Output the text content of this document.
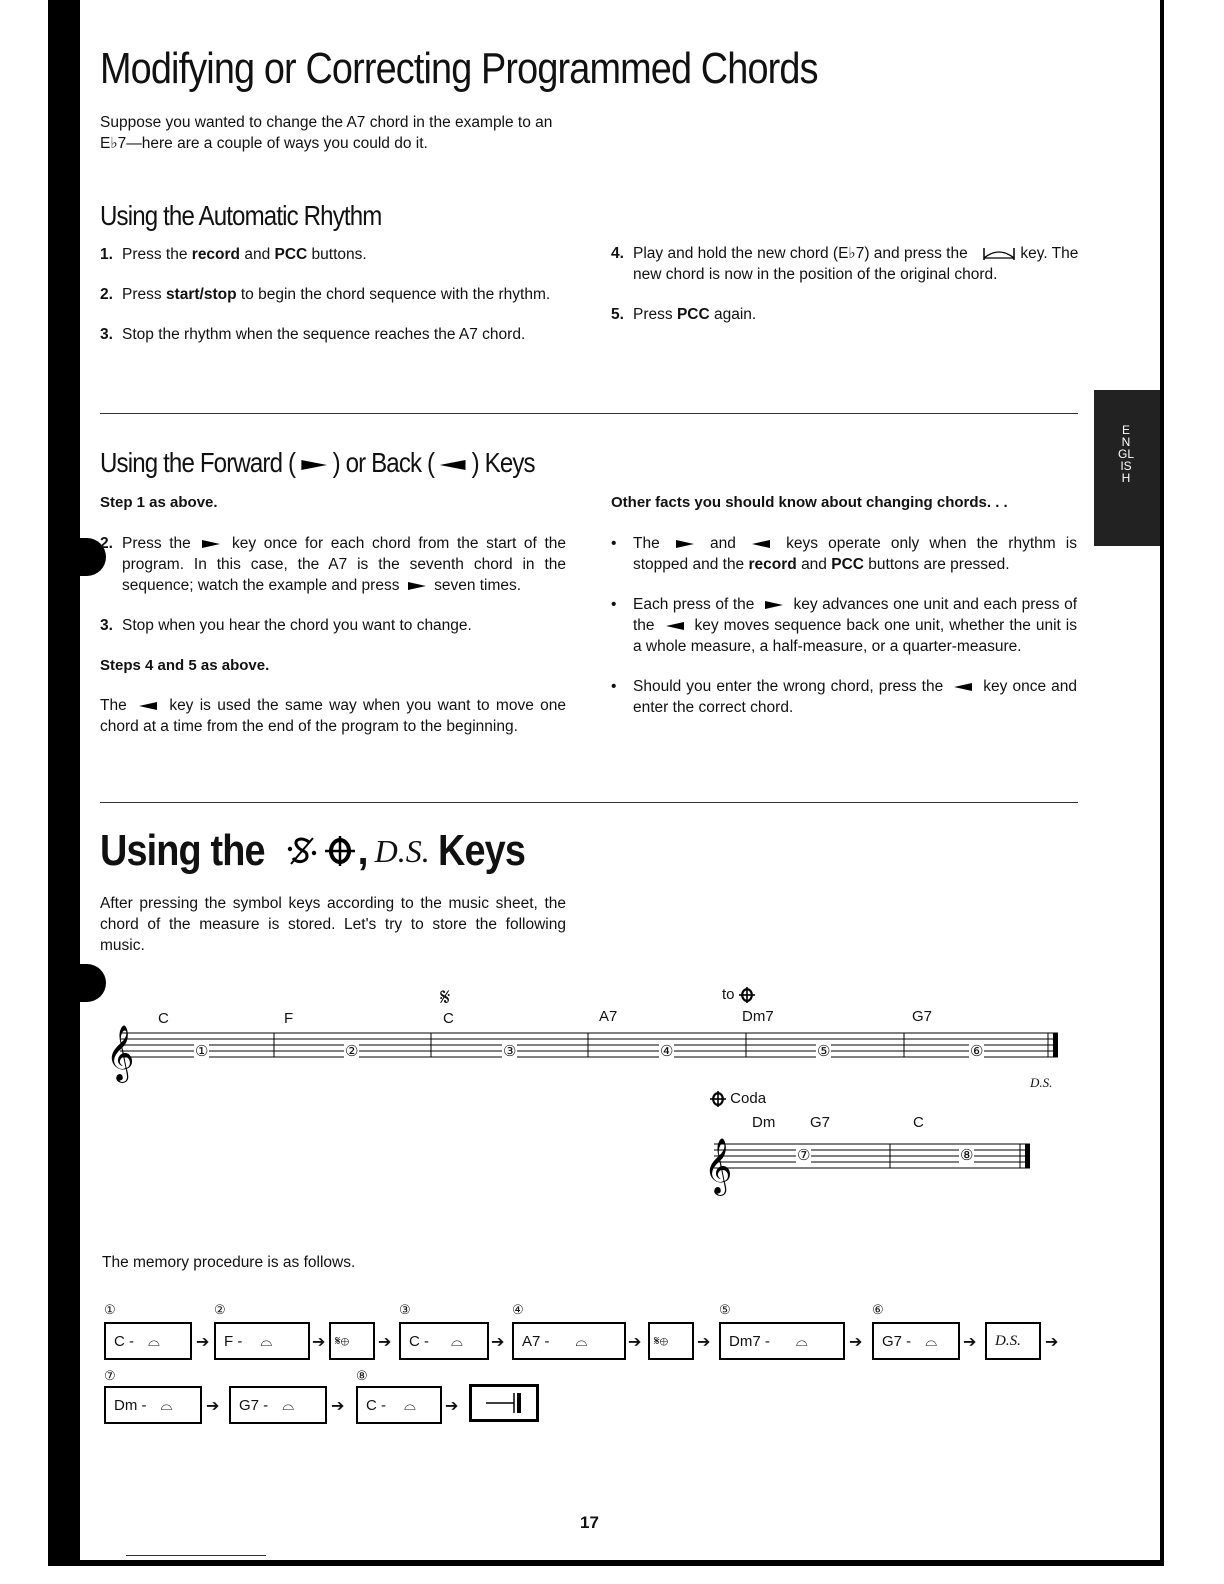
ENGLISH
Modifying or Correcting Programmed Chords
Suppose you wanted to change the A7 chord in the example to an E♭7—here are a couple of ways you could do it.
Using the Automatic Rhythm
1. Press the record and PCC buttons.
2. Press start/stop to begin the chord sequence with the rhythm.
3. Stop the rhythm when the sequence reaches the A7 chord.
4. Play and hold the new chord (E♭7) and press the	key. The new chord is now in the position of the original chord.
5. Press PCC again.
Using the Forward ( ) or Back ( ) Keys
Step 1 as above.
2. Press the	key once for each chord from the start of the program. In this case, the A7 is the seventh chord in the sequence; watch the example and press seven times.
3. Stop when you hear the chord you want to change.
Steps 4 and 5 as above.
The	key is used the same way when you want to move one chord at a time from the end of the program to the beginning.
Other facts you should know about changing chords. . .
•	The	and	keys operate only when the rhythm is stopped and the record and PCC buttons are pressed.
•	Each press of the	key advances one unit and each press of the	key moves sequence back one unit, whether the unit is a whole measure, a half-measure, or a quarter-measure.
•	Should you enter the wrong chord, press the	key once and enter the correct chord.
Using the , D.S. Keys
After pressing the symbol keys according to the music sheet, the chord of the measure is stored. Let's try to store the following music.
𝄞
𝄋	to
C	F	C	A7	Dm7	G7
①	②	③	④	⑤	⑥
D.S.
Coda
𝄞
Dm G7	C
⑦	⑧
The memory procedure is as follows.
①	②	③	④	⑤	⑥
C - ⌓ ➔ F - ⌓ ➔ 𝄋⊕	➔ C - ⌓ ➔ A7 - ⌓	➔ 𝄋⊕	➔ Dm7 - ⌓	➔ G7 - ⌓ ➔	D.S.	➔
⑦	⑧
Dm - ⌓ ➔ G7 - ⌓ ➔ C - ⌓ ➔
17
